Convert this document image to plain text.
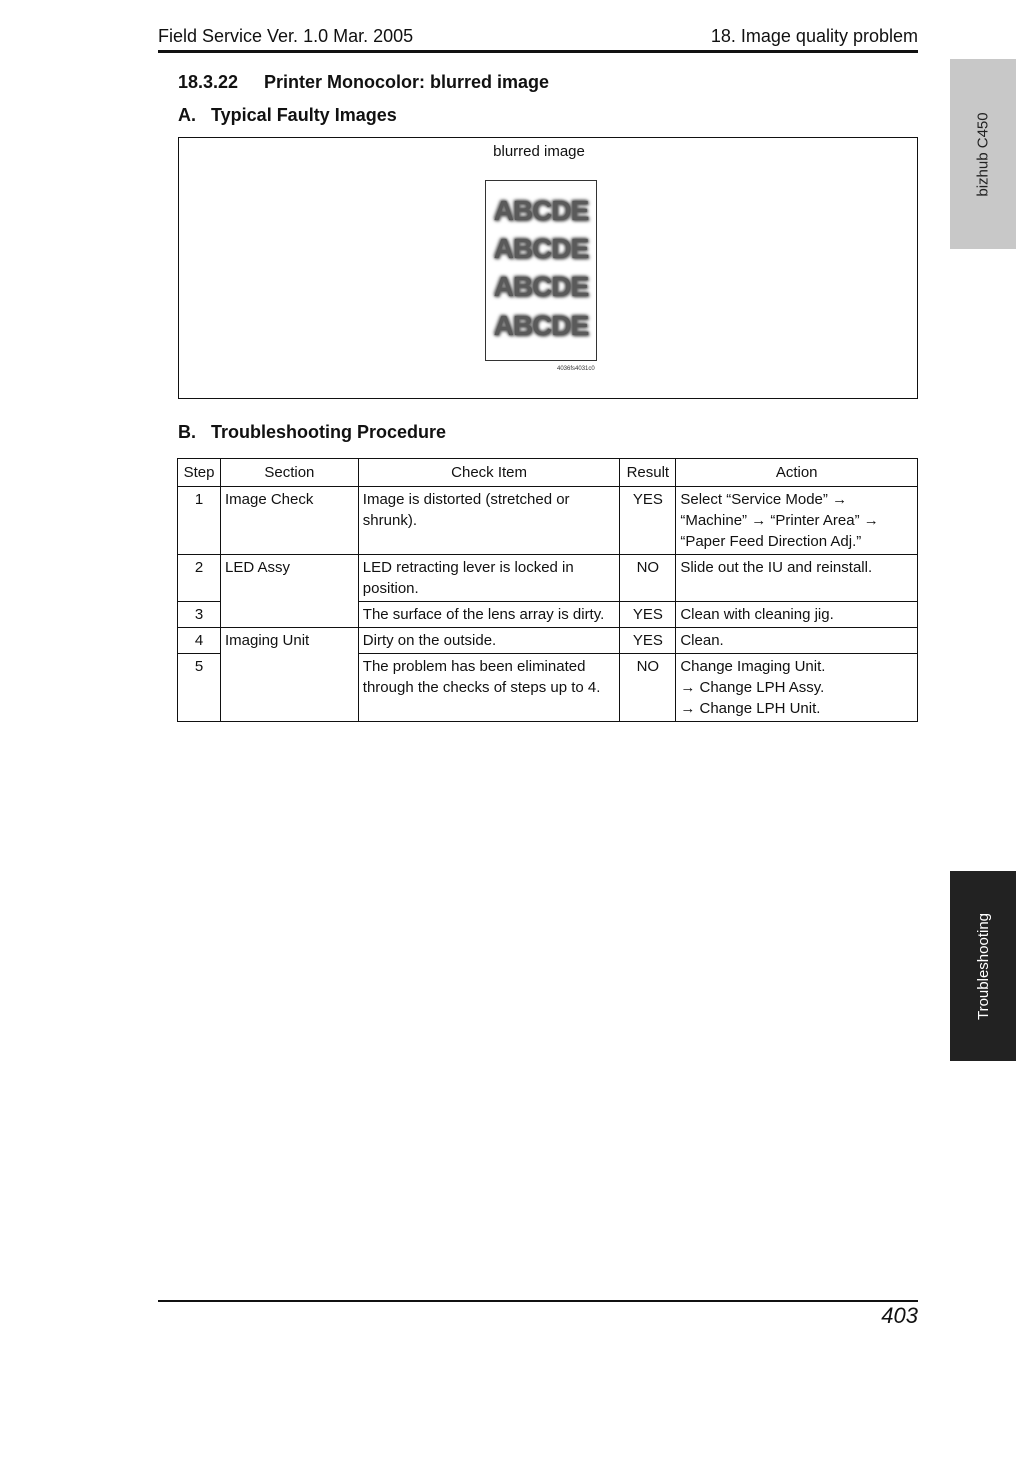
Field Service Ver. 1.0 Mar. 2005	18. Image quality problem
bizhub C450
Troubleshooting
18.3.22 Printer Monocolor: blurred image
A. Typical Faulty Images
blurred image
ABCDE
ABCDE
ABCDE
ABCDE
4036fs4031c0
B. Troubleshooting Procedure
Step	Section	Check Item	Result	Action
1	Image Check	Image is distorted (stretched or shrunk).	YES	Select “Service Mode” →
“Machine” → “Printer Area” →
“Paper Feed Direction Adj.”

2	LED Assy	LED retracting lever is locked in position.	NO	Slide out the IU and reinstall.

3		The surface of the lens array is dirty.	YES	Clean with cleaning jig.

4	Imaging Unit	Dirty on the outside.	YES	Clean.

5		The problem has been eliminated through the checks of steps up to 4.	NO	Change Imaging Unit.
→ Change LPH Assy.
→ Change LPH Unit.
403
